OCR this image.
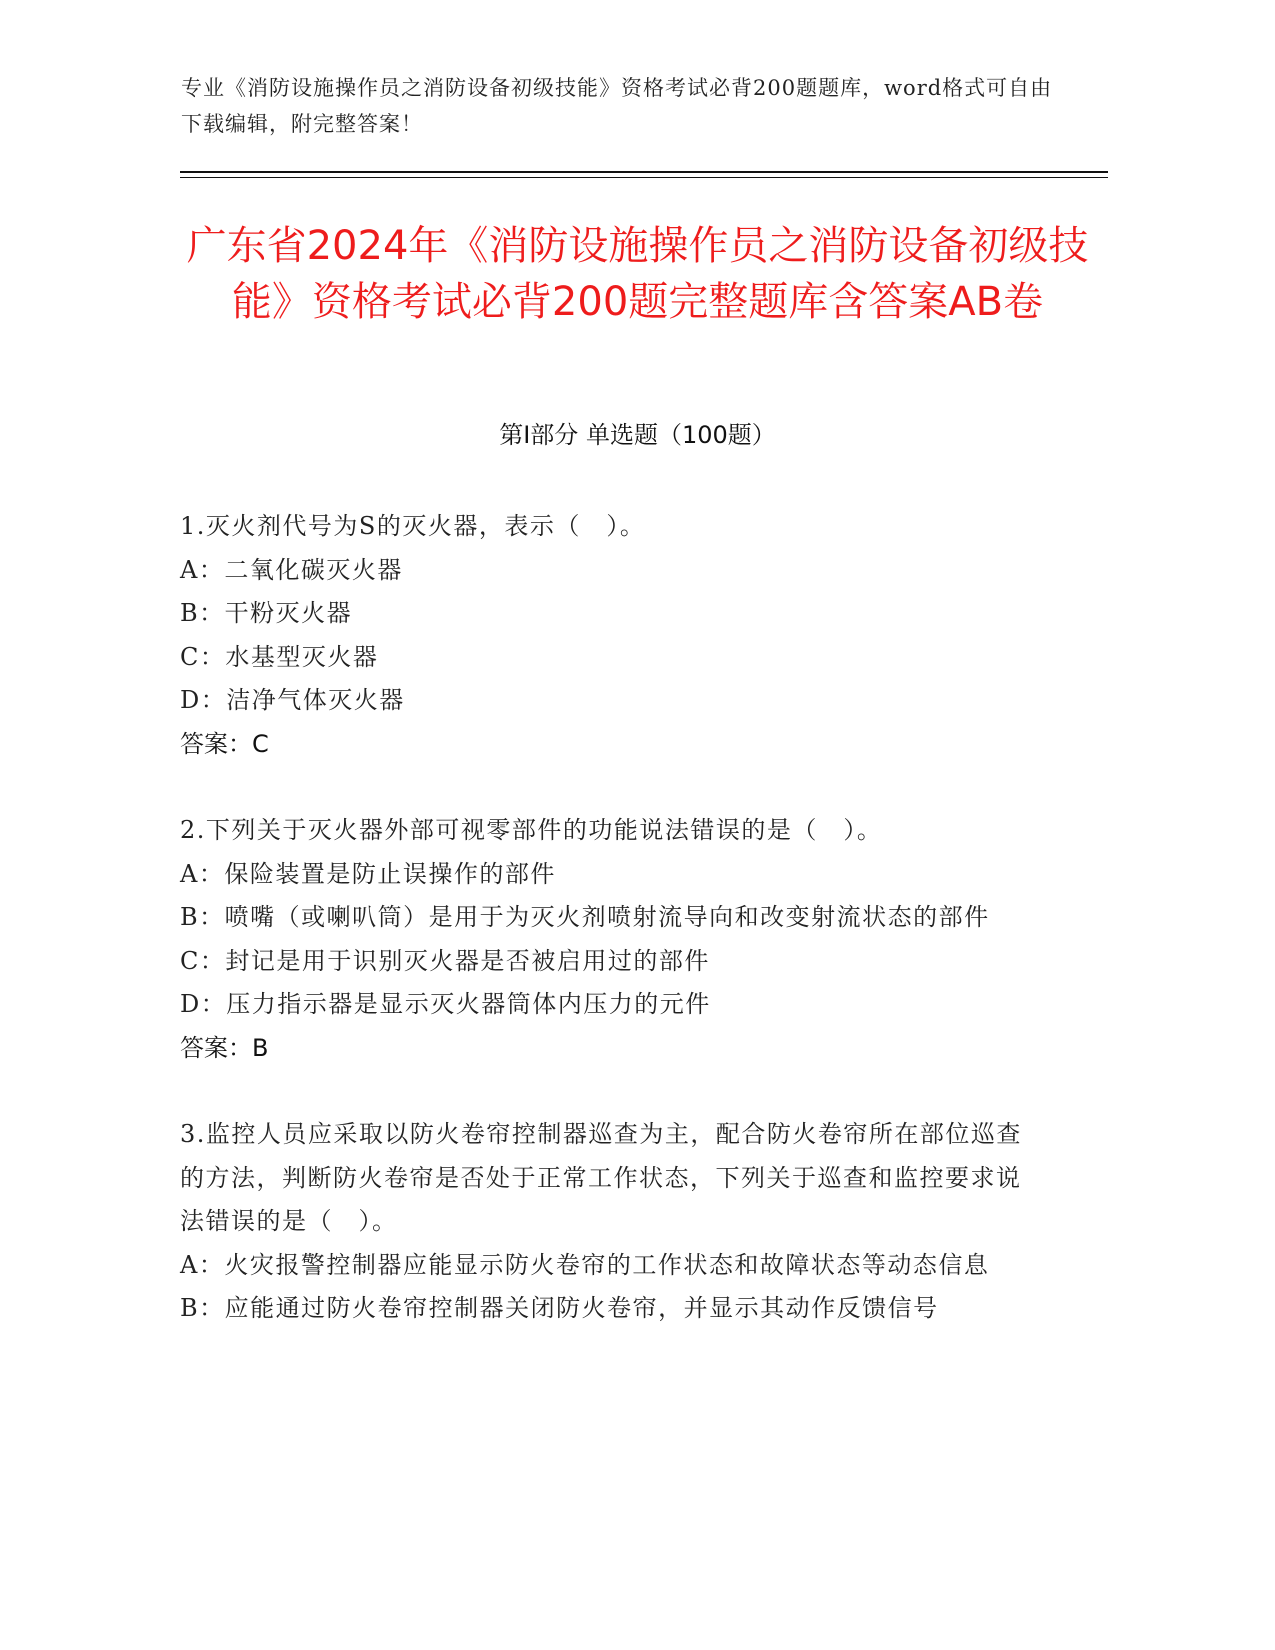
专业《消防设施操作员之消防设备初级技能》资格考试必背200题题库，word格式可自由下载编辑，附完整答案！
广东省2024年《消防设施操作员之消防设备初级技能》资格考试必背200题完整题库含答案AB卷
第I部分 单选题（100题）
1.灭火剂代号为S的灭火器，表示（　）。
A：二氧化碳灭火器
B：干粉灭火器
C：水基型灭火器
D：洁净气体灭火器
答案：C
2.下列关于灭火器外部可视零部件的功能说法错误的是（　）。
A：保险装置是防止误操作的部件
B：喷嘴（或喇叭筒）是用于为灭火剂喷射流导向和改变射流状态的部件
C：封记是用于识别灭火器是否被启用过的部件
D：压力指示器是显示灭火器筒体内压力的元件
答案：B
3.监控人员应采取以防火卷帘控制器巡查为主，配合防火卷帘所在部位巡查的方法，判断防火卷帘是否处于正常工作状态，下列关于巡查和监控要求说法错误的是（　）。
A：火灾报警控制器应能显示防火卷帘的工作状态和故障状态等动态信息
B：应能通过防火卷帘控制器关闭防火卷帘，并显示其动作反馈信号
